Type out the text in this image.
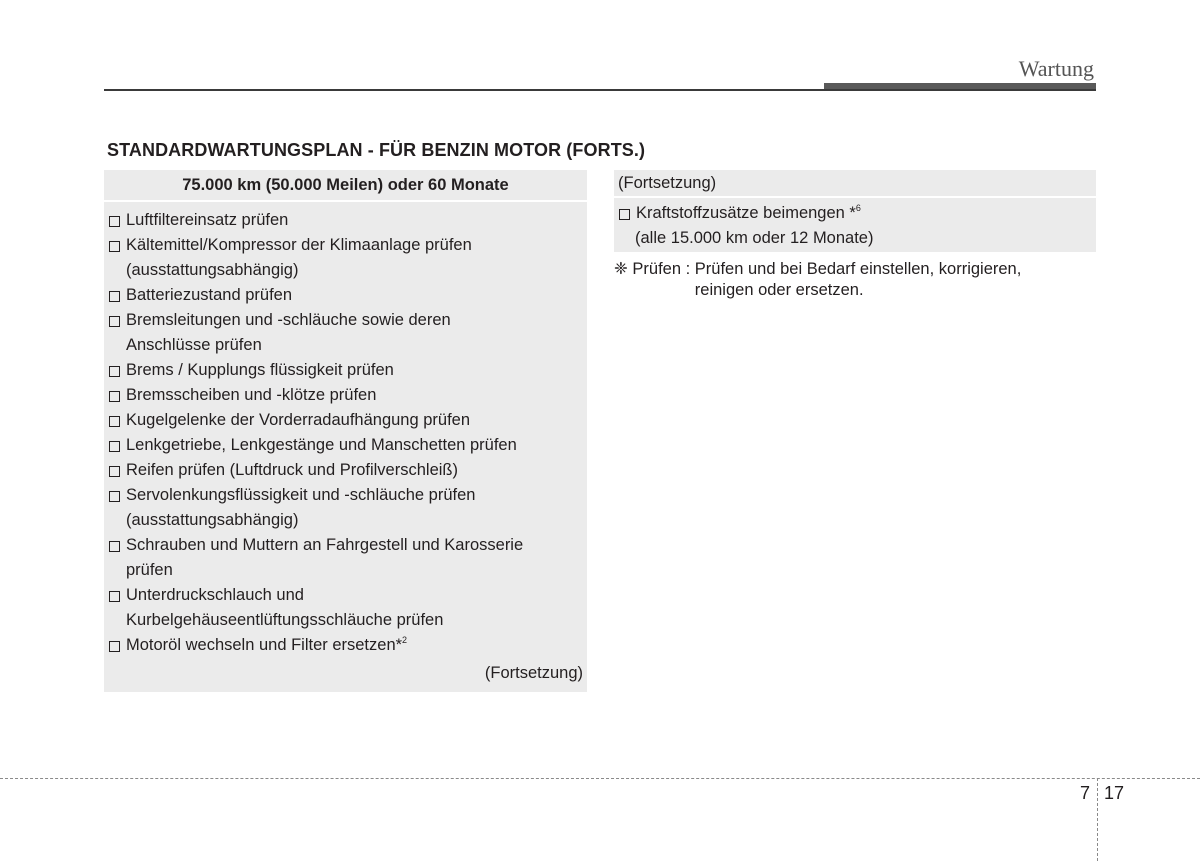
Wartung
STANDARDWARTUNGSPLAN - FÜR BENZIN MOTOR (FORTS.)
75.000 km (50.000 Meilen) oder 60 Monate
Luftfiltereinsatz prüfen
Kältemittel/Kompressor der Klimaanlage prüfen
(ausstattungsabhängig)
Batteriezustand prüfen
Bremsleitungen und -schläuche sowie deren
Anschlüsse prüfen
Brems / Kupplungs flüssigkeit prüfen
Bremsscheiben und -klötze prüfen
Kugelgelenke der Vorderradaufhängung prüfen
Lenkgetriebe, Lenkgestänge und Manschetten prüfen
Reifen prüfen (Luftdruck und Profilverschleiß)
Servolenkungsflüssigkeit und -schläuche prüfen
(ausstattungsabhängig)
Schrauben und Muttern an Fahrgestell und Karosserie
prüfen
Unterdruckschlauch und
Kurbelgehäuseentlüftungsschläuche prüfen
Motoröl wechseln und Filter ersetzen*$^2$
(Fortsetzung)
(Fortsetzung)
Kraftstoffzusätze beimengen *$^6$
(alle 15.000 km oder 12 Monate)
❈ Prüfen : Prüfen und bei Bedarf einstellen, korrigieren,
reinigen oder ersetzen.
7 17
